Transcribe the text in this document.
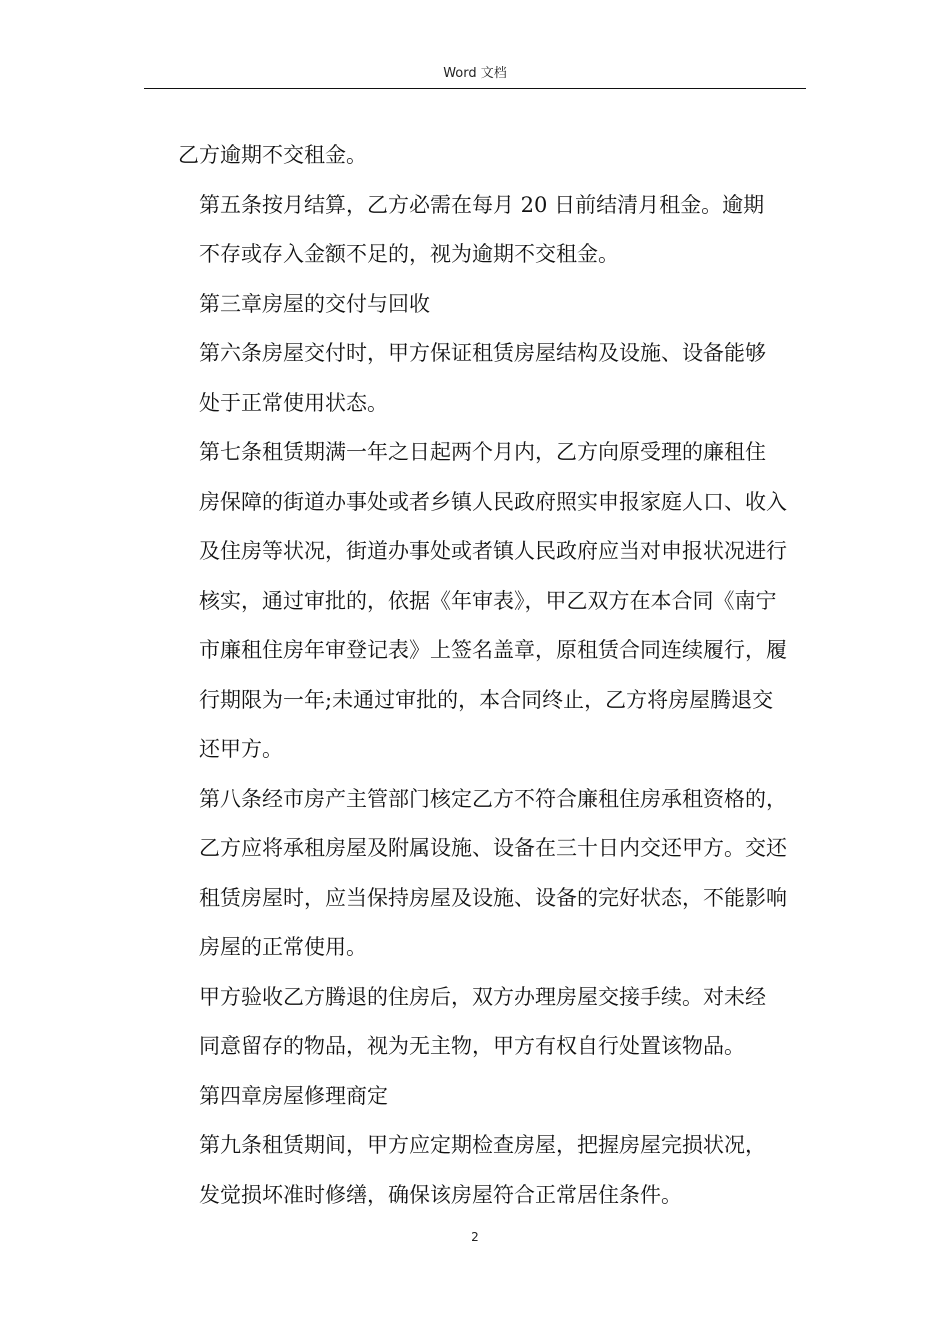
Word 文档

乙方逾期不交租金。

第五条按月结算，乙方必需在每月 20 日前结清月租金。逾期
不存或存入金额不足的，视为逾期不交租金。

第三章房屋的交付与回收

第六条房屋交付时，甲方保证租赁房屋结构及设施、设备能够
处于正常使用状态。

第七条租赁期满一年之日起两个月内，乙方向原受理的廉租住
房保障的街道办事处或者乡镇人民政府照实申报家庭人口、收入
及住房等状况，街道办事处或者镇人民政府应当对申报状况进行
核实，通过审批的，依据《年审表》，甲乙双方在本合同《南宁
市廉租住房年审登记表》上签名盖章，原租赁合同连续履行，履
行期限为一年;未通过审批的，本合同终止，乙方将房屋腾退交
还甲方。

第八条经市房产主管部门核定乙方不符合廉租住房承租资格的，
乙方应将承租房屋及附属设施、设备在三十日内交还甲方。交还
租赁房屋时，应当保持房屋及设施、设备的完好状态，不能影响
房屋的正常使用。

甲方验收乙方腾退的住房后，双方办理房屋交接手续。对未经
同意留存的物品，视为无主物，甲方有权自行处置该物品。

第四章房屋修理商定

第九条租赁期间，甲方应定期检查房屋，把握房屋完损状况，
发觉损坏准时修缮，确保该房屋符合正常居住条件。

2
